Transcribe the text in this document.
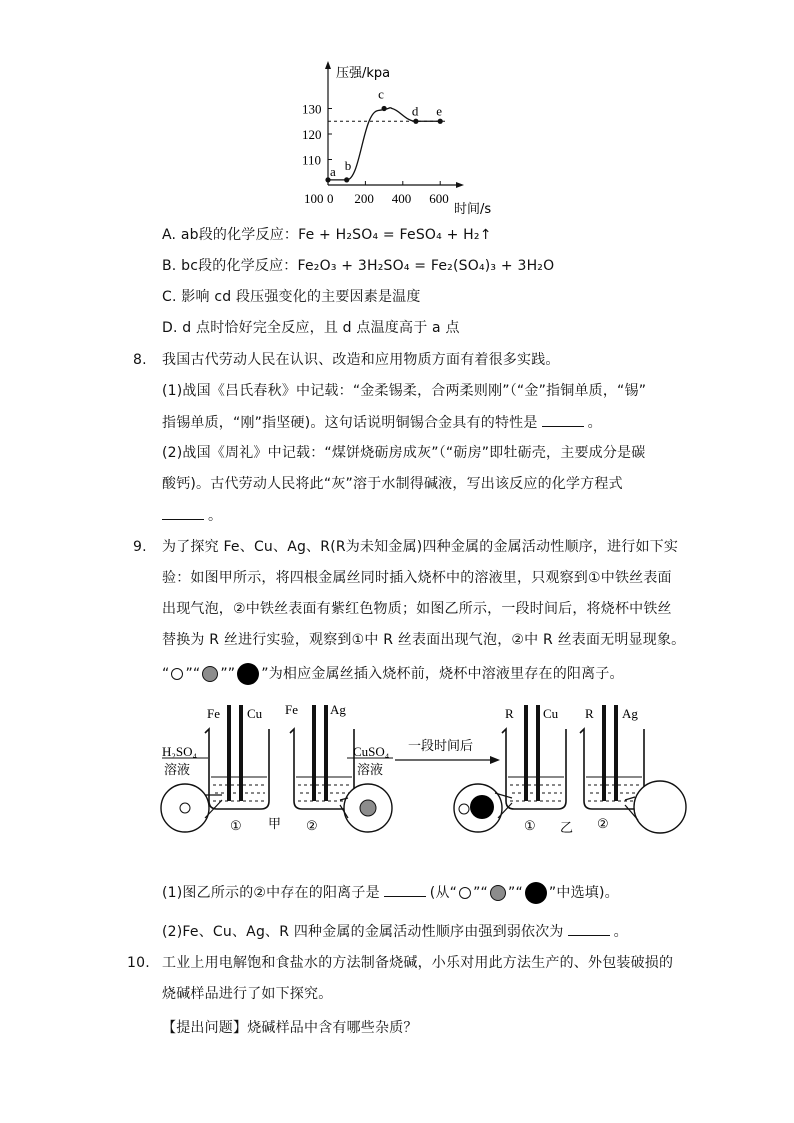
压强/kpa
时间/s
100
110
120
130
0 200 400 600
a b
c
d e
A. ab段的化学反应：Fe + H₂SO₄ = FeSO₄ + H₂↑
B. bc段的化学反应：Fe₂O₃ + 3H₂SO₄ = Fe₂(SO₄)₃ + 3H₂O
C. 影响 cd 段压强变化的主要因素是温度
D. d 点时恰好完全反应，且 d 点温度高于 a 点
8. 我国古代劳动人民在认识、改造和应用物质方面有着很多实践。
(1)战国《吕氏春秋》中记载：“金柔锡柔，合两柔则刚”（“金”指铜单质，“锡”
指锡单质，“刚”指坚硬)。这句话说明铜锡合金具有的特性是	。
(2)战国《周礼》中记载：“煤饼烧砺房成灰”（“砺房”即牡砺壳，主要成分是碳
酸钙)。古代劳动人民将此“灰”溶于水制得碱液，写出该反应的化学方程式
。
9. 为了探究 Fe、Cu、Ag、R(R为未知金属)四种金属的金属活动性顺序，进行如下实
验：如图甲所示，将四根金属丝同时插入烧杯中的溶液里，只观察到①中铁丝表面
出现气泡，②中铁丝表面有紫红色物质；如图乙所示，一段时间后，将烧杯中铁丝
替换为 R 丝进行实验，观察到①中 R 丝表面出现气泡，②中 R 丝表面无明显现象。
“ ”“ ”” ”为相应金属丝插入烧杯前，烧杯中溶液里存在的阳离子。
Fe Cu
H₂SO₄
溶液
①
Fe Ag
CuSO₄
溶液
②
甲
一段时间后
R Cu
① 乙
R Ag
②
(1)图乙所示的②中存在的阳离子是	(从“ ”“ ”“ ”中选填)。
(2)Fe、Cu、Ag、R 四种金属的金属活动性顺序由强到弱依次为	。
10. 工业上用电解饱和食盐水的方法制备烧碱，小乐对用此方法生产的、外包装破损的
烧碱样品进行了如下探究。
【提出问题】烧碱样品中含有哪些杂质？
